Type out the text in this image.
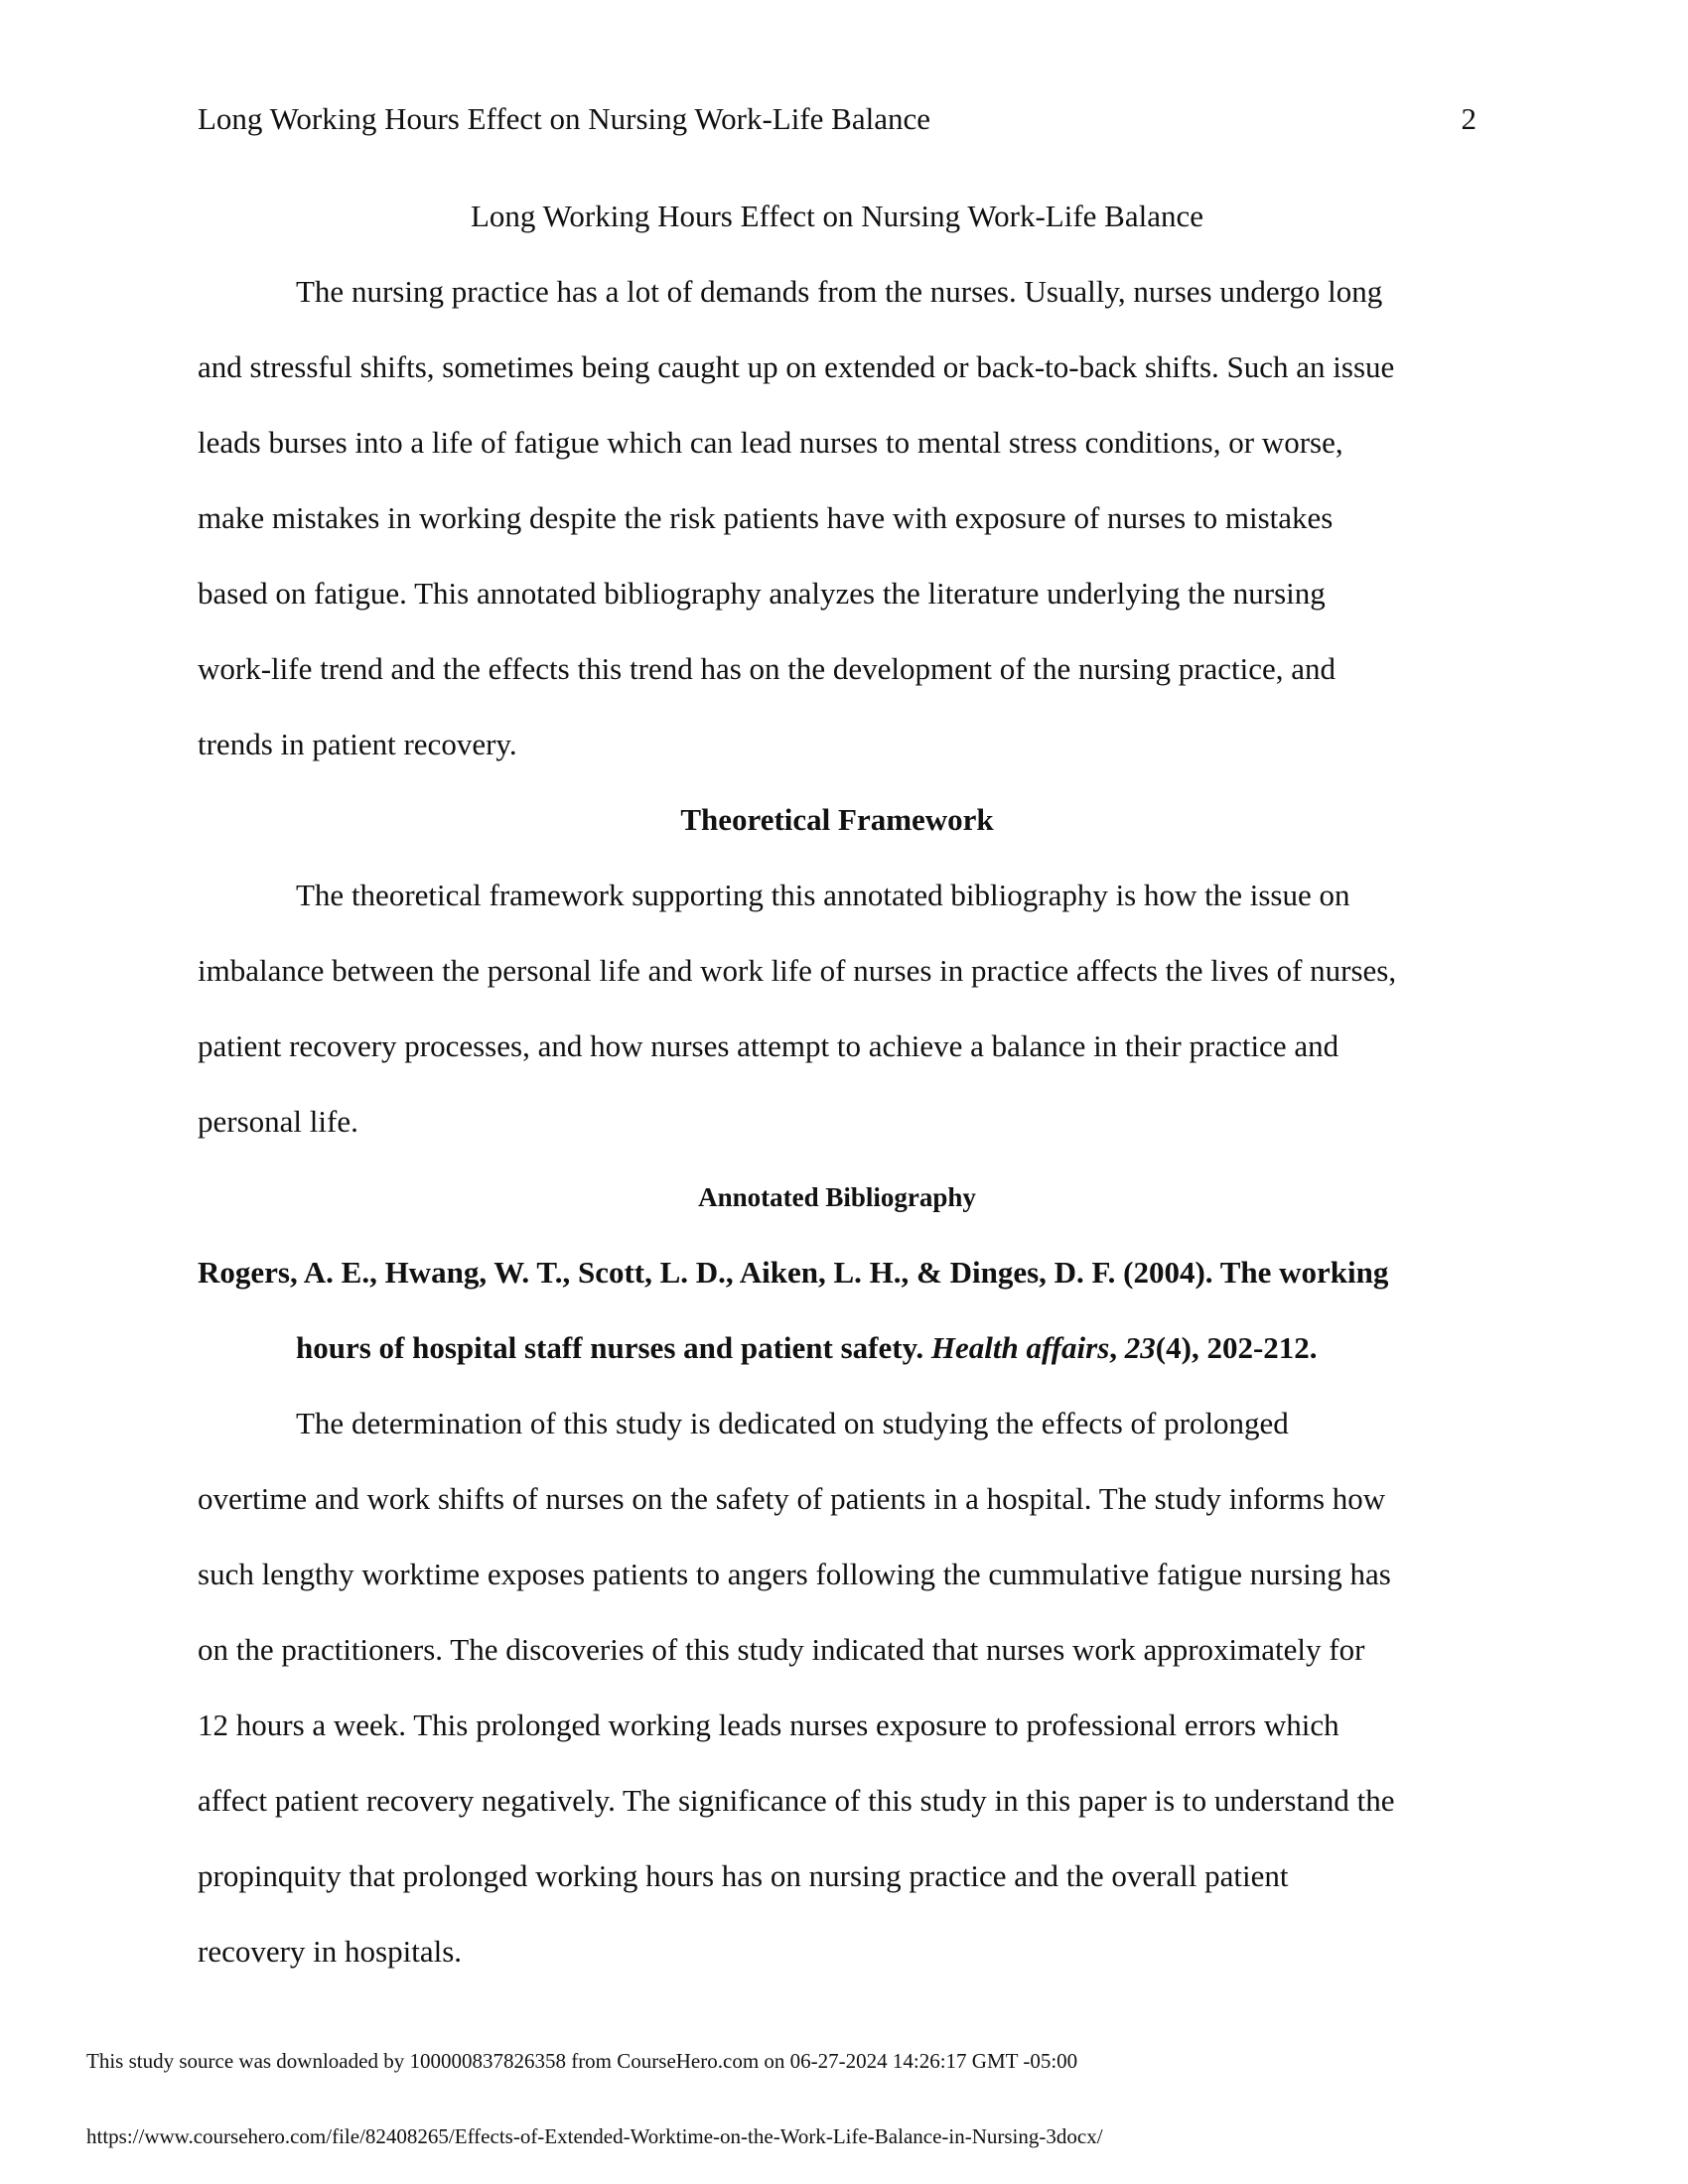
Long Working Hours Effect on Nursing Work-Life Balance	2
Long Working Hours Effect on Nursing Work-Life Balance
The nursing practice has a lot of demands from the nurses. Usually, nurses undergo long
and stressful shifts, sometimes being caught up on extended or back-to-back shifts. Such an issue
leads burses into a life of fatigue which can lead nurses to mental stress conditions, or worse,
make mistakes in working despite the risk patients have with exposure of nurses to mistakes
based on fatigue. This annotated bibliography analyzes the literature underlying the nursing
work-life trend and the effects this trend has on the development of the nursing practice, and
trends in patient recovery.
Theoretical Framework
The theoretical framework supporting this annotated bibliography is how the issue on
imbalance between the personal life and work life of nurses in practice affects the lives of nurses,
patient recovery processes, and how nurses attempt to achieve a balance in their practice and
personal life.
Annotated Bibliography
Rogers, A. E., Hwang, W. T., Scott, L. D., Aiken, L. H., & Dinges, D. F. (2004). The working
hours of hospital staff nurses and patient safety. Health affairs, 23(4), 202-212.
The determination of this study is dedicated on studying the effects of prolonged
overtime and work shifts of nurses on the safety of patients in a hospital. The study informs how
such lengthy worktime exposes patients to angers following the cummulative fatigue nursing has
on the practitioners. The discoveries of this study indicated that nurses work approximately for
12 hours a week. This prolonged working leads nurses exposure to professional errors which
affect patient recovery negatively. The significance of this study in this paper is to understand the
propinquity that prolonged working hours has on nursing practice and the overall patient
recovery in hospitals.
This study source was downloaded by 100000837826358 from CourseHero.com on 06-27-2024 14:26:17 GMT -05:00
https://www.coursehero.com/file/82408265/Effects-of-Extended-Worktime-on-the-Work-Life-Balance-in-Nursing-3docx/
